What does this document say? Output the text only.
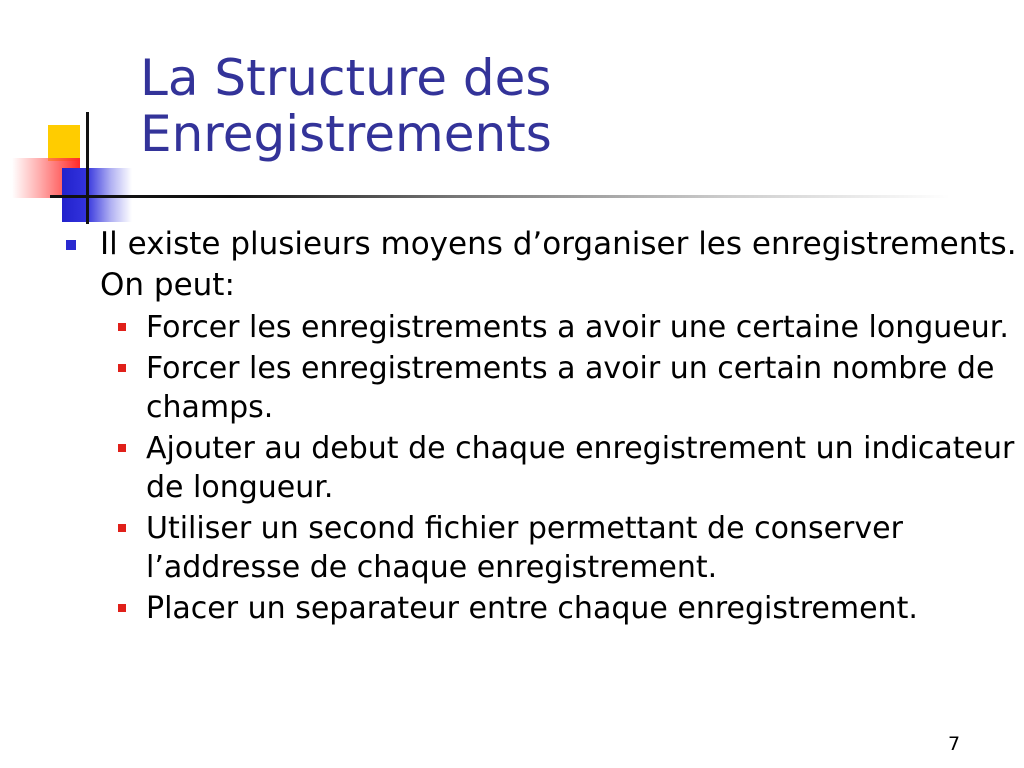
La Structure des
Enregistrements
Il existe plusieurs moyens d’organiser les enregistrements. On peut:
Forcer les enregistrements a avoir une certaine longueur.
Forcer les enregistrements a avoir un certain nombre de champs.
Ajouter au debut de chaque enregistrement un indicateur de longueur.
Utiliser un second fichier permettant de conserver l’addresse de chaque enregistrement.
Placer un separateur entre chaque enregistrement.
7
